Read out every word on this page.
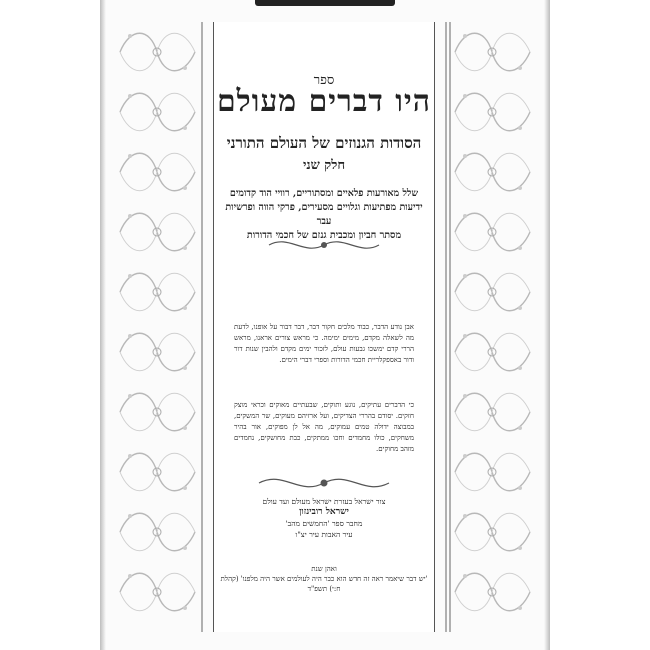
ספר
היו דברים מעולם
הסודות הגנוזים של העולם התורני
חלק שני
שלל מאורעות פלאיים ומסתוריים, רוויי הוד קדומים
ידיעות מפתיעות וגלויים מסעירים, פרקי הווה ופרשיות עבר
מסתר חביון ומכבית גנזם של חכמי הדורות
אבן נודע הדבר, כבוד מלכים חקור דבר, דבר דבור על אופנו, לדעת מה לשאלה מקדם, מימים ימימה. כי מראש צורים אראנו, מראש הררי קדם ימשכו גבעות עולם, לזכור ימים מקדם ולהבין שנות דור ודור באספקלריית חכמי הדורות וספרי דברי הימים.
כי הדברים עתיקים, נוגע ותוקים, שבעתיים מאוקים וכראי מוצק חזקים. יסודם בהררי הצדיקים, ועל ארזיהם מעוקים, שר המשקים, במבוצה ידולה טמים עמוקים, מה אל לן מפוקים, אור בהיר משחקים, כולו מחמדים וחכו ממתקים, כבת מחושקים, נחמדים מזהב מחוקים.
צור ישראל בעזרת ישראל מעולם ועד עולם
ישראל רובינזון
מחבר ספר 'החמשים מהב'
עיר האבות עיר יצ"ו
ואהן שנת
'יש דבר שיאמר ראה זה חדש הוא כבר היה לעולמים אשר היה מלפנו' (קהלת ח:י) תשפ"ד
